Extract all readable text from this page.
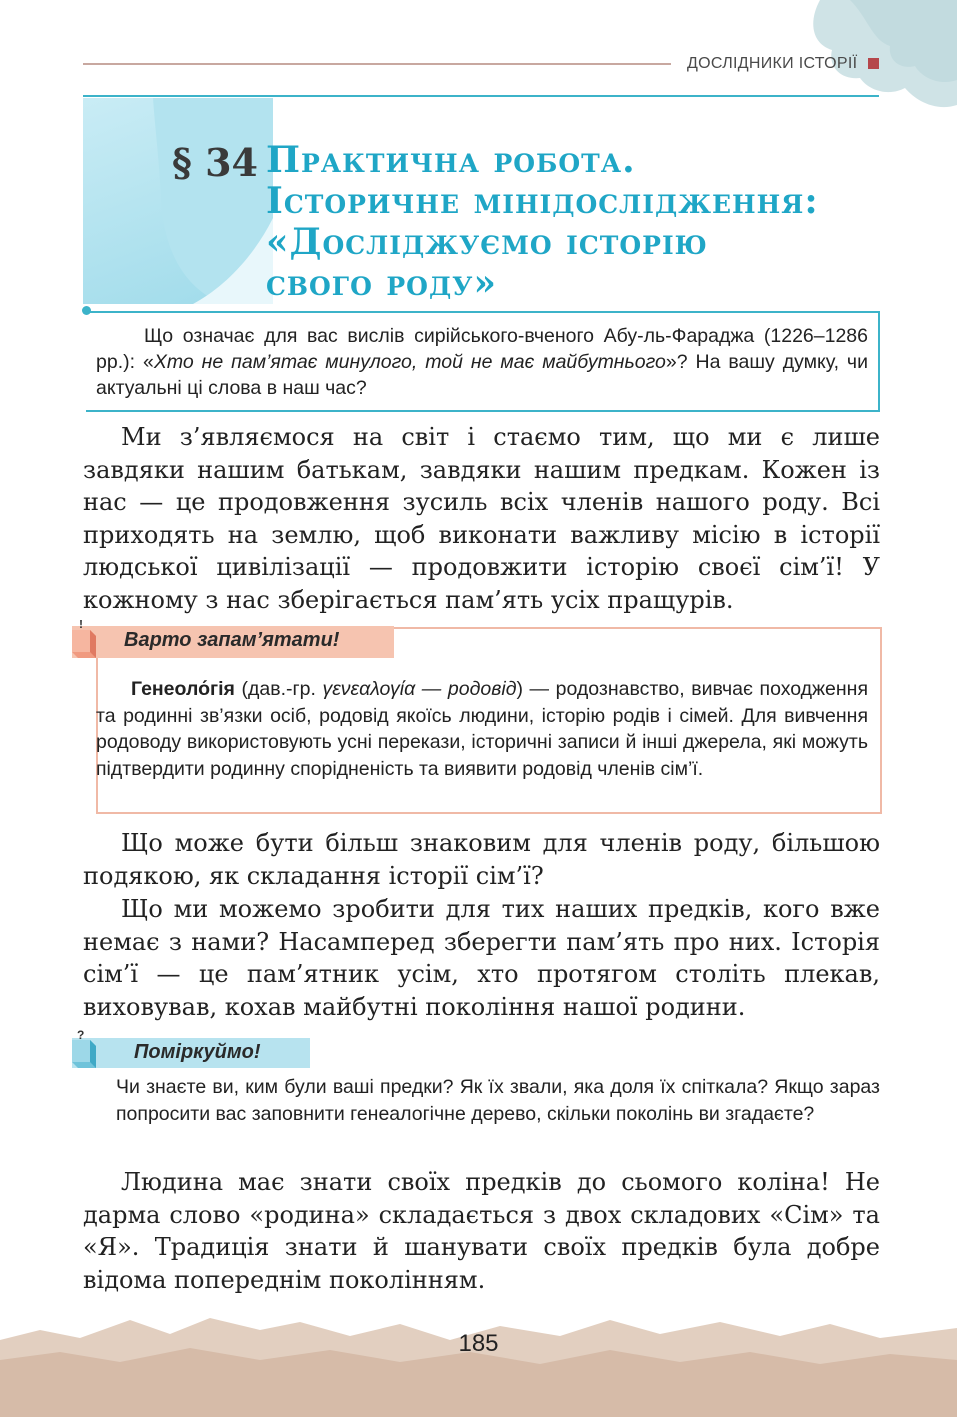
ДОСЛІДНИКИ ІСТОРІЇ
§ 34 Практична робота.
Історичне мінідослідження:
«Досліджуємо історію
свого роду»
Що означає для вас вислів сирійського-вченого Абу-ль-Фараджа (1226–1286 рр.): «Хто не пам’ятає минулого, той не має майбутнього»? На вашу думку, чи актуальні ці слова в наш час?
Ми з’являємося на світ і стаємо тим, що ми є лише завдяки нашим батькам, завдяки нашим предкам. Кожен із нас — це продовження зусиль всіх членів нашого роду. Всі приходять на землю, щоб виконати важливу місію в історії людської цивілізації — продовжити історію своєї сім’ї! У кожному з нас зберігається пам’ять усіх пращурів.
!
Варто запам’ятати!
Генеоло́гія (дав.-гр. γενεαλογία — родовід) — родознавство, вивчає походження та родинні зв’язки осіб, родовід якоїсь людини, історію родів і сімей. Для вивчення родоводу використовують усні перекази, історичні записи й інші джерела, які можуть підтвердити родинну спорідненість та виявити родовід членів сім’ї.
Що може бути більш знаковим для членів роду, більшою подякою, як складання історії сім’ї?
Що ми можемо зробити для тих наших предків, кого вже немає з нами? Насамперед зберегти пам’ять про них. Історія сім’ї — це пам’ятник усім, хто протягом століть плекав, виховував, кохав майбутні покоління нашої родини.
?
Поміркуймо!
Чи знаєте ви, ким були ваші предки? Як їх звали, яка доля їх спіткала? Якщо зараз попросити вас заповнити генеалогічне дерево, скільки поколінь ви згадаєте?
Людина має знати своїх предків до сьомого коліна! Не дарма слово «родина» складається з двох складових «Сім» та «Я». Традиція знати й шанувати своїх предків була добре відома попереднім поколінням.
185
